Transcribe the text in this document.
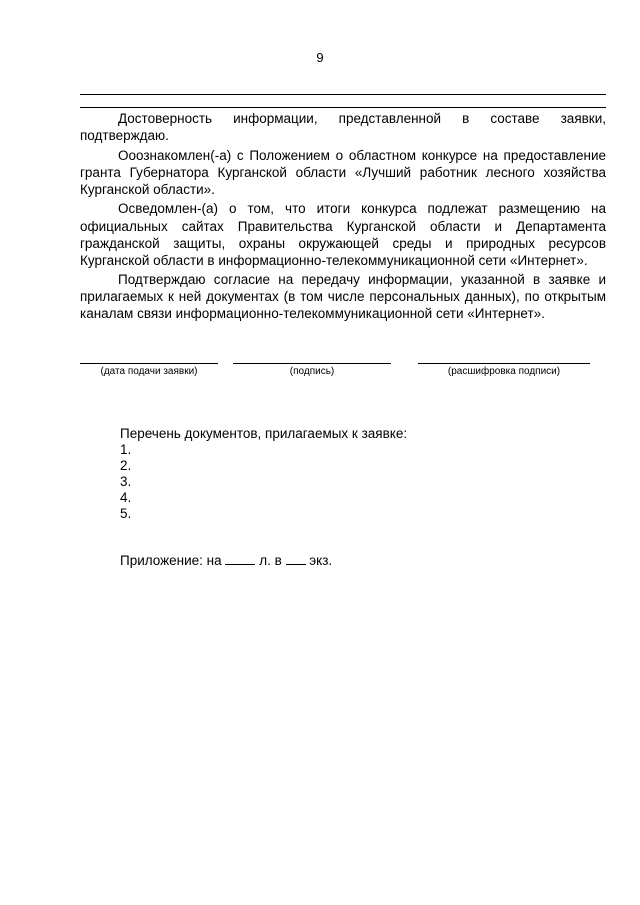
9

Достоверность информации, представленной в составе заявки, подтверждаю.

Ооознакомлен(-а) с Положением о областном конкурсе на предоставление гранта Губернатора Курганской области «Лучший работник лесного хозяйства Курганской области».

Осведомлен-(а) о том, что итоги конкурса подлежат размещению на официальных сайтах Правительства Курганской области и Департамента гражданской защиты, охраны окружающей среды и природных ресурсов Курганской области в информационно-телекоммуникационной сети «Интернет».

Подтверждаю согласие на передачу информации, указанной в заявке и прилагаемых к ней документах (в том числе персональных данных), по открытым каналам связи информационно-телекоммуникационной сети «Интернет».

(дата подачи заявки)	(подпись)	(расшифровка подписи)
Перечень документов, прилагаемых к заявке:
1.
2.
3.
4.
5.
Приложение: на	л. в экз.
